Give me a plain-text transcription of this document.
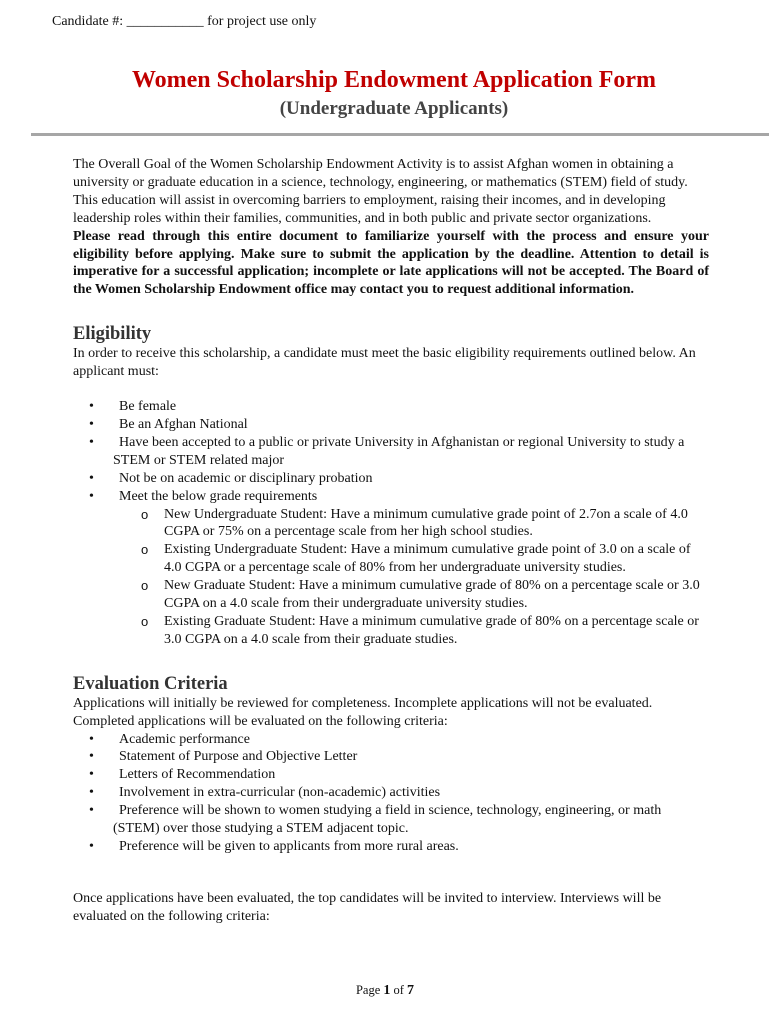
Candidate #: ___________ for project use only
Women Scholarship Endowment Application Form
(Undergraduate Applicants)

The Overall Goal of the Women Scholarship Endowment Activity is to assist Afghan women in obtaining a university or graduate education in a science, technology, engineering, or mathematics (STEM) field of study. This education will assist in overcoming barriers to employment, raising their incomes, and in developing leadership roles within their families, communities, and in both public and private sector organizations.

Please read through this entire document to familiarize yourself with the process and ensure your eligibility before applying. Make sure to submit the application by the deadline. Attention to detail is imperative for a successful application; incomplete or late applications will not be accepted. The Board of the Women Scholarship Endowment office may contact you to request additional information.

Eligibility

In order to receive this scholarship, a candidate must meet the basic eligibility requirements outlined below. An applicant must:

•	Be female
•	Be an Afghan National
•	Have been accepted to a public or private University in Afghanistan or regional University to study a STEM or STEM related major
•	Not be on academic or disciplinary probation
•	Meet the below grade requirements
o New Undergraduate Student: Have a minimum cumulative grade point of 2.7on a scale of 4.0 CGPA or 75% on a percentage scale from her high school studies.
o Existing Undergraduate Student: Have a minimum cumulative grade point of 3.0 on a scale of 4.0 CGPA or a percentage scale of 80% from her undergraduate university studies.
o New Graduate Student: Have a minimum cumulative grade of 80% on a percentage scale or 3.0 CGPA on a 4.0 scale from their undergraduate university studies.
o Existing Graduate Student: Have a minimum cumulative grade of 80% on a percentage scale or 3.0 CGPA on a 4.0 scale from their graduate studies.
Evaluation Criteria

Applications will initially be reviewed for completeness. Incomplete applications will not be evaluated. Completed applications will be evaluated on the following criteria:

•	Academic performance
•	Statement of Purpose and Objective Letter
•	Letters of Recommendation
•	Involvement in extra-curricular (non-academic) activities
•	Preference will be shown to women studying a field in science, technology, engineering, or math (STEM) over those studying a STEM adjacent topic.
•	Preference will be given to applicants from more rural areas.

Once applications have been evaluated, the top candidates will be invited to interview. Interviews will be evaluated on the following criteria:

Page 1 of 7
